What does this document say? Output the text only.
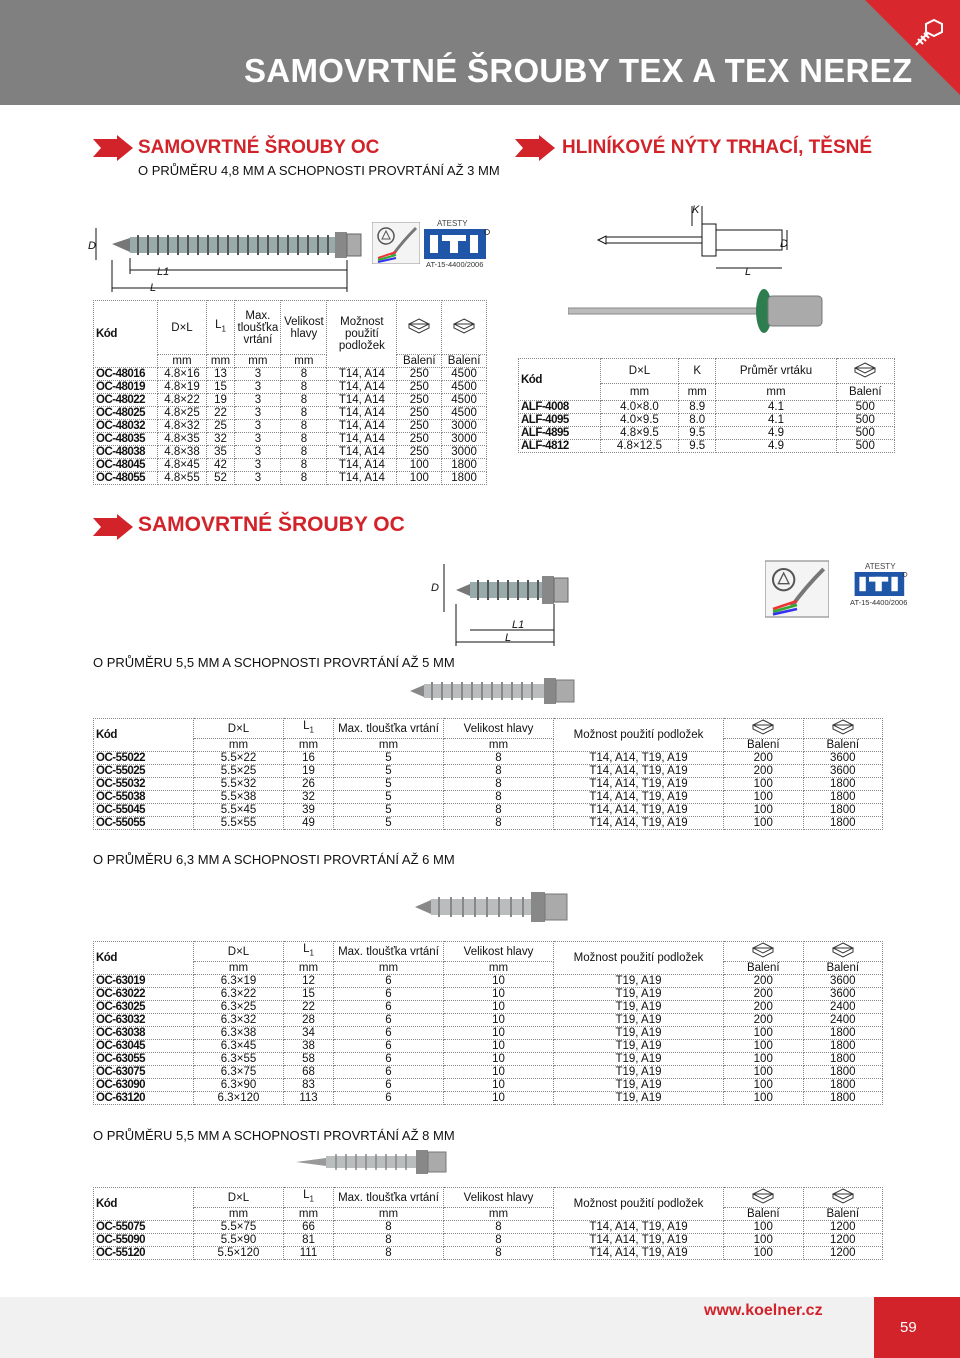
SAMOVRTNÉ ŠROUBY TEX A TEX NEREZ
SAMOVRTNÉ ŠROUBY OC
O PRŮMĚRU 4,8 MM A SCHOPNOSTI PROVRTÁNÍ AŽ 3 MM
HLINÍKOVÉ NÝTY TRHACÍ, TĚSNÉ
D
L1
L
ATESTY
AT-15-4400/2006
K
D
L
Kód	D×L	$L_1$	Max. tloušťka vrtání	Velikost hlavy	Možnost použití podložek		
	mm	mm	mm	mm		Balení	Balení
OC-48016	4.8×16	13	3	8	T14, A14	250	4500
OC-48019	4.8×19	15	3	8	T14, A14	250	4500
OC-48022	4.8×22	19	3	8	T14, A14	250	4500
OC-48025	4.8×25	22	3	8	T14, A14	250	4500
OC-48032	4.8×32	25	3	8	T14, A14	250	3000
OC-48035	4.8×35	32	3	8	T14, A14	250	3000
OC-48038	4.8×38	35	3	8	T14, A14	250	3000
OC-48045	4.8×45	42	3	8	T14, A14	100	1800
OC-48055	4.8×55	52	3	8	T14, A14	100	1800
Kód	D×L	K	Průměr vrtáku	
	mm	mm	mm	Balení
ALF-4008	4.0×8.0	8.9	4.1	500
ALF-4095	4.0×9.5	8.0	4.1	500
ALF-4895	4.8×9.5	9.5	4.9	500
ALF-4812	4.8×12.5	9.5	4.9	500
SAMOVRTNÉ ŠROUBY OC
D
L1
L
ATESTY
AT-15-4400/2006
O PRŮMĚRU 5,5 MM A SCHOPNOSTI PROVRTÁNÍ AŽ 5 MM
Kód	D×L	$L_1$	Max. tloušťka vrtání	Velikost hlavy	Možnost použití podložek		
	mm	mm	mm	mm		Balení	Balení
OC-55022	5.5×22	16	5	8	T14, A14, T19, A19	200	3600
OC-55025	5.5×25	19	5	8	T14, A14, T19, A19	200	3600
OC-55032	5.5×32	26	5	8	T14, A14, T19, A19	100	1800
OC-55038	5.5×38	32	5	8	T14, A14, T19, A19	100	1800
OC-55045	5.5×45	39	5	8	T14, A14, T19, A19	100	1800
OC-55055	5.5×55	49	5	8	T14, A14, T19, A19	100	1800
O PRŮMĚRU 6,3 MM A SCHOPNOSTI PROVRTÁNÍ AŽ 6 MM
Kód	D×L	$L_1$	Max. tloušťka vrtání	Velikost hlavy	Možnost použití podložek		
	mm	mm	mm	mm		Balení	Balení
OC-63019	6.3×19	12	6	10	T19, A19	200	3600
OC-63022	6.3×22	15	6	10	T19, A19	200	3600
OC-63025	6.3×25	22	6	10	T19, A19	200	2400
OC-63032	6.3×32	28	6	10	T19, A19	200	2400
OC-63038	6.3×38	34	6	10	T19, A19	100	1800
OC-63045	6.3×45	38	6	10	T19, A19	100	1800
OC-63055	6.3×55	58	6	10	T19, A19	100	1800
OC-63075	6.3×75	68	6	10	T19, A19	100	1800
OC-63090	6.3×90	83	6	10	T19, A19	100	1800
OC-63120	6.3×120	113	6	10	T19, A19	100	1800
O PRŮMĚRU 5,5 MM A SCHOPNOSTI PROVRTÁNÍ AŽ 8 MM
Kód	D×L	$L_1$	Max. tloušťka vrtání	Velikost hlavy	Možnost použití podložek		
	mm	mm	mm	mm		Balení	Balení
OC-55075	5.5×75	66	8	8	T14, A14, T19, A19	100	1200
OC-55090	5.5×90	81	8	8	T14, A14, T19, A19	100	1200
OC-55120	5.5×120	111	8	8	T14, A14, T19, A19	100	1200
www.koelner.cz
59
